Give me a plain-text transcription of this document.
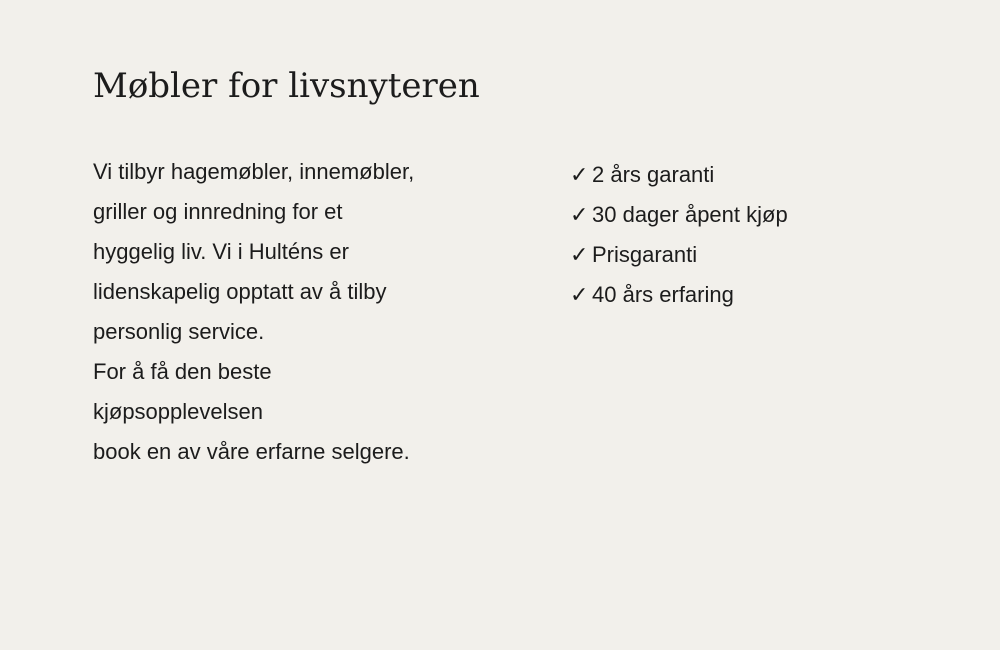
Møbler for livsnyteren
Vi tilbyr hagemøbler, innemøbler,
griller og innredning for et
hyggelig liv. Vi i Hulténs er
lidenskapelig opptatt av å tilby
personlig service.
For å få den beste
kjøpsopplevelsen
book en av våre erfarne selgere.
✓ 2 års garanti
✓ 30 dager åpent kjøp
✓ Prisgaranti
✓ 40 års erfaring
